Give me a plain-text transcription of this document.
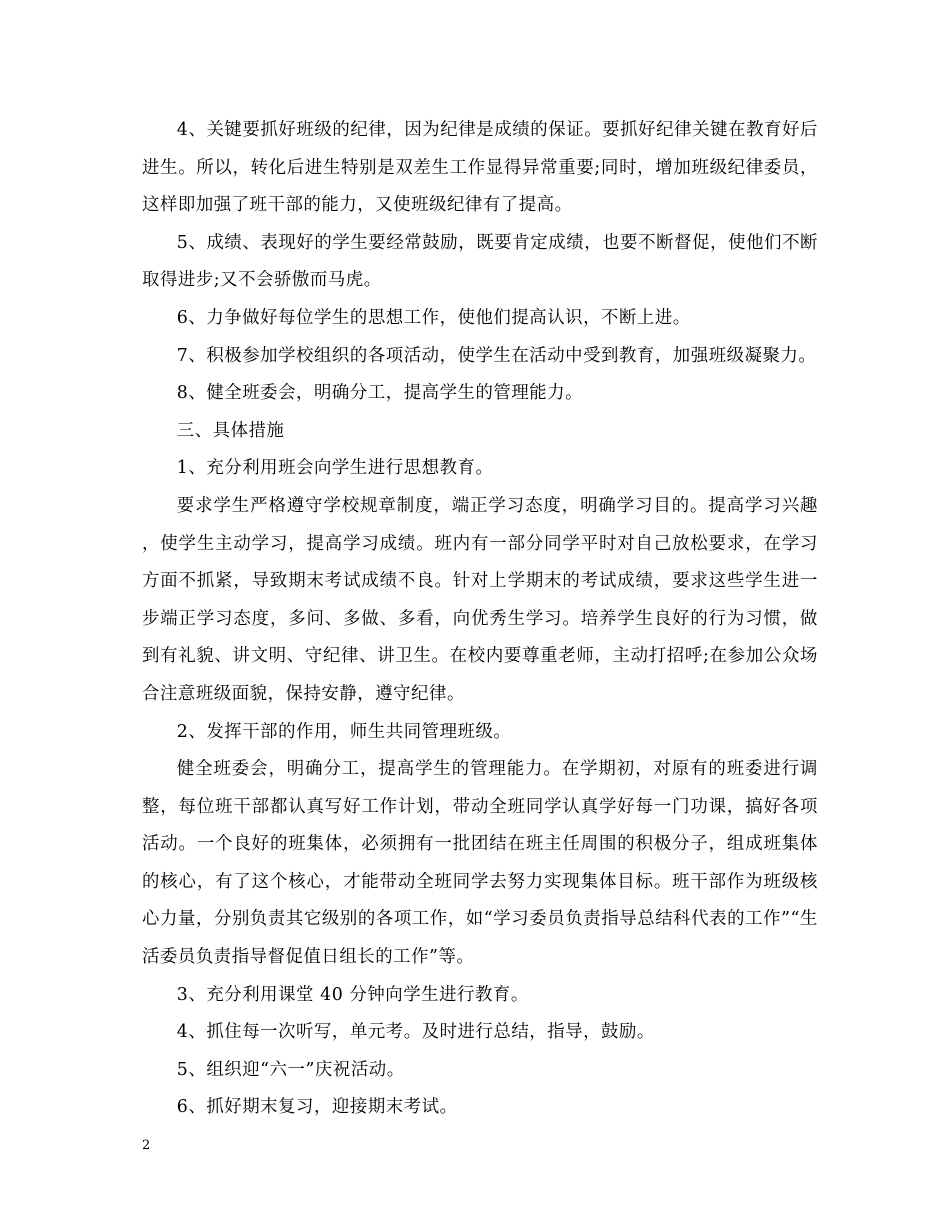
4、关键要抓好班级的纪律，因为纪律是成绩的保证。要抓好纪律关键在教育好后进生。所以，转化后进生特别是双差生工作显得异常重要;同时，增加班级纪律委员，这样即加强了班干部的能力，又使班级纪律有了提高。

5、成绩、表现好的学生要经常鼓励，既要肯定成绩，也要不断督促，使他们不断取得进步;又不会骄傲而马虎。

6、力争做好每位学生的思想工作，使他们提高认识，不断上进。

7、积极参加学校组织的各项活动，使学生在活动中受到教育，加强班级凝聚力。

8、健全班委会，明确分工，提高学生的管理能力。

三、具体措施

1、充分利用班会向学生进行思想教育。

要求学生严格遵守学校规章制度，端正学习态度，明确学习目的。提高学习兴趣 ，使学生主动学习，提高学习成绩。班内有一部分同学平时对自己放松要求，在学习方面不抓紧，导致期末考试成绩不良。针对上学期末的考试成绩，要求这些学生进一步端正学习态度，多问、多做、多看，向优秀生学习。培养学生良好的行为习惯，做到有礼貌、讲文明、守纪律、讲卫生。在校内要尊重老师，主动打招呼;在参加公众场合注意班级面貌，保持安静，遵守纪律。

2、发挥干部的作用，师生共同管理班级。

健全班委会，明确分工，提高学生的管理能力。在学期初，对原有的班委进行调整，每位班干部都认真写好工作计划，带动全班同学认真学好每一门功课，搞好各项活动。一个良好的班集体，必须拥有一批团结在班主任周围的积极分子，组成班集体的核心，有了这个核心，才能带动全班同学去努力实现集体目标。班干部作为班级核心力量，分别负责其它级别的各项工作，如“学习委员负责指导总结科代表的工作”“生活委员负责指导督促值日组长的工作”等。

3、充分利用课堂 40 分钟向学生进行教育。

4、抓住每一次听写，单元考。及时进行总结，指导，鼓励。

5、组织迎“六一”庆祝活动。

6、抓好期末复习，迎接期末考试。

2
